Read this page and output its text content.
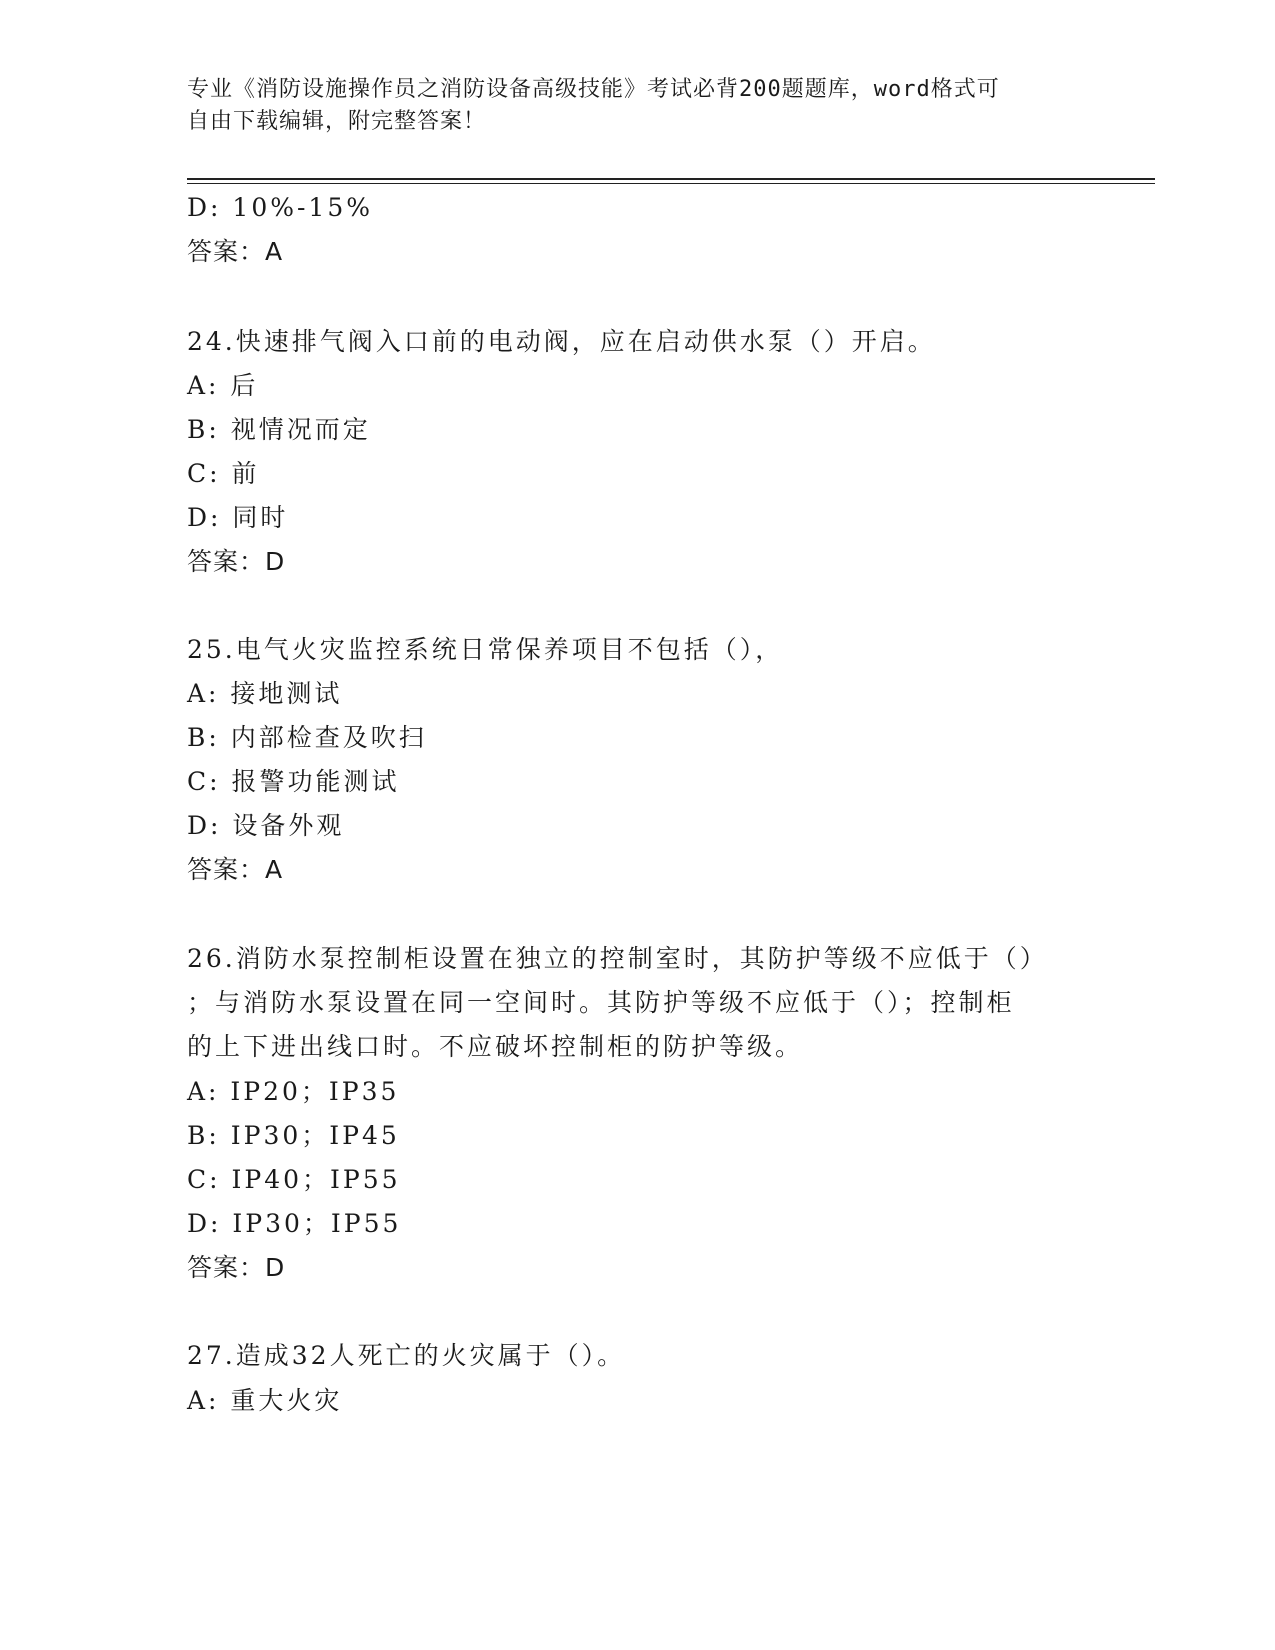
专业《消防设施操作员之消防设备高级技能》考试必背200题题库，word格式可
自由下载编辑，附完整答案！
D: 10%-15%
答案：A
24.快速排气阀入口前的电动阀，应在启动供水泵（）开启。
A: 后
B: 视情况而定
C: 前
D: 同时
答案：D
25.电气火灾监控系统日常保养项目不包括（），
A: 接地测试
B: 内部检查及吹扫
C: 报警功能测试
D: 设备外观
答案：A
26.消防水泵控制柜设置在独立的控制室时，其防护等级不应低于（）
；与消防水泵设置在同一空间时。其防护等级不应低于（）；控制柜
的上下进出线口时。不应破坏控制柜的防护等级。
A: IP20；IP35
B: IP30；IP45
C: IP40；IP55
D: IP30；IP55
答案：D
27.造成32人死亡的火灾属于（）。
A: 重大火灾
